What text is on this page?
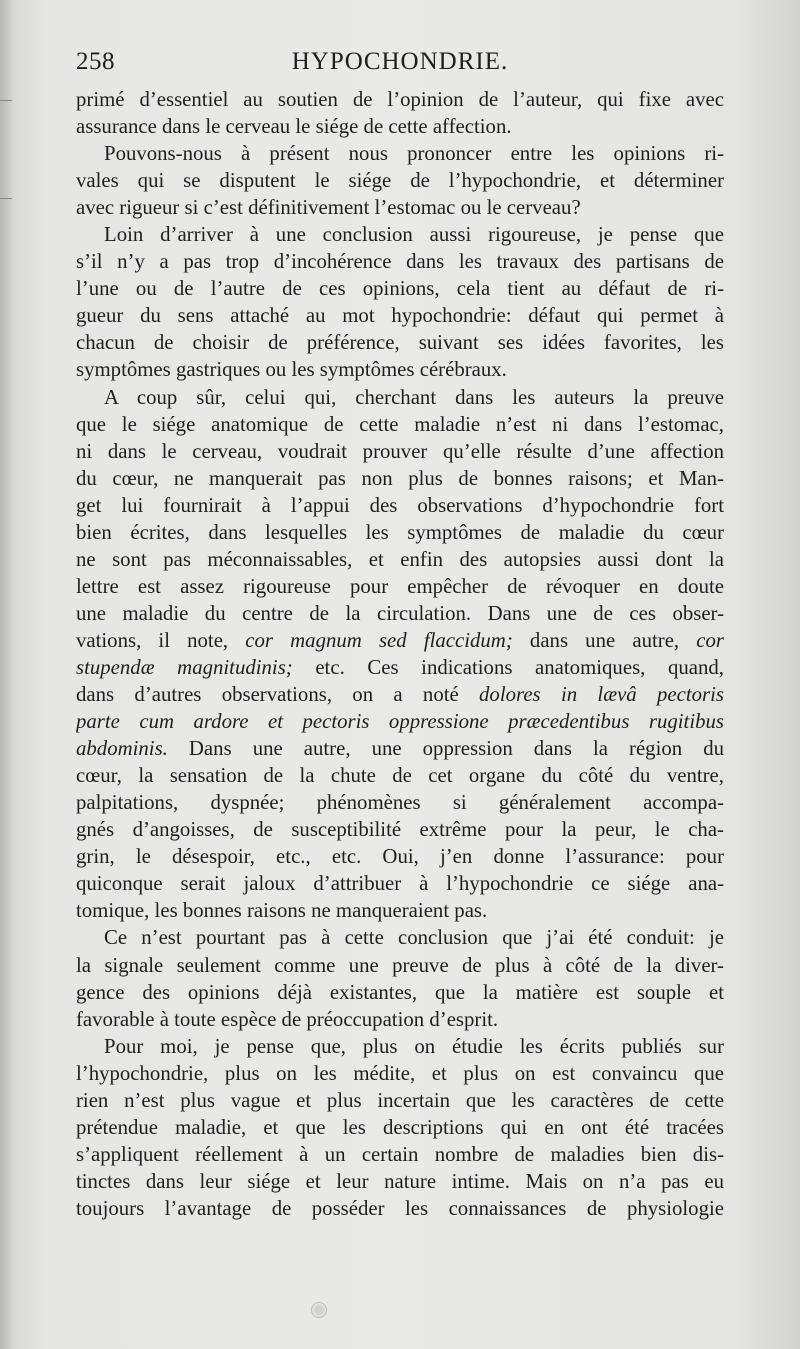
258	HYPOCHONDRIE.
primé d’essentiel au soutien de l’opinion de l’auteur, qui fixe avec
assurance dans le cerveau le siége de cette affection.
Pouvons-nous à présent nous prononcer entre les opinions ri-
vales qui se disputent le siége de l’hypochondrie, et déterminer
avec rigueur si c’est définitivement l’estomac ou le cerveau?
Loin d’arriver à une conclusion aussi rigoureuse, je pense que
s’il n’y a pas trop d’incohérence dans les travaux des partisans de
l’une ou de l’autre de ces opinions, cela tient au défaut de ri-
gueur du sens attaché au mot hypochondrie: défaut qui permet à
chacun de choisir de préférence, suivant ses idées favorites, les
symptômes gastriques ou les symptômes cérébraux.
A coup sûr, celui qui, cherchant dans les auteurs la preuve
que le siége anatomique de cette maladie n’est ni dans l’estomac,
ni dans le cerveau, voudrait prouver qu’elle résulte d’une affection
du cœur, ne manquerait pas non plus de bonnes raisons; et Man-
get lui fournirait à l’appui des observations d’hypochondrie fort
bien écrites, dans lesquelles les symptômes de maladie du cœur
ne sont pas méconnaissables, et enfin des autopsies aussi dont la
lettre est assez rigoureuse pour empêcher de révoquer en doute
une maladie du centre de la circulation. Dans une de ces obser-
vations, il note, cor magnum sed flaccidum; dans une autre, cor
stupendæ magnitudinis; etc. Ces indications anatomiques, quand,
dans d’autres observations, on a noté dolores in lævâ pectoris
parte cum ardore et pectoris oppressione præcedentibus rugitibus
abdominis. Dans une autre, une oppression dans la région du
cœur, la sensation de la chute de cet organe du côté du ventre,
palpitations, dyspnée; phénomènes si généralement accompa-
gnés d’angoisses, de susceptibilité extrême pour la peur, le cha-
grin, le désespoir, etc., etc. Oui, j’en donne l’assurance: pour
quiconque serait jaloux d’attribuer à l’hypochondrie ce siége ana-
tomique, les bonnes raisons ne manqueraient pas.
Ce n’est pourtant pas à cette conclusion que j’ai été conduit: je
la signale seulement comme une preuve de plus à côté de la diver-
gence des opinions déjà existantes, que la matière est souple et
favorable à toute espèce de préoccupation d’esprit.
Pour moi, je pense que, plus on étudie les écrits publiés sur
l’hypochondrie, plus on les médite, et plus on est convaincu que
rien n’est plus vague et plus incertain que les caractères de cette
prétendue maladie, et que les descriptions qui en ont été tracées
s’appliquent réellement à un certain nombre de maladies bien dis-
tinctes dans leur siége et leur nature intime. Mais on n’a pas eu
toujours l’avantage de posséder les connaissances de physiologie
